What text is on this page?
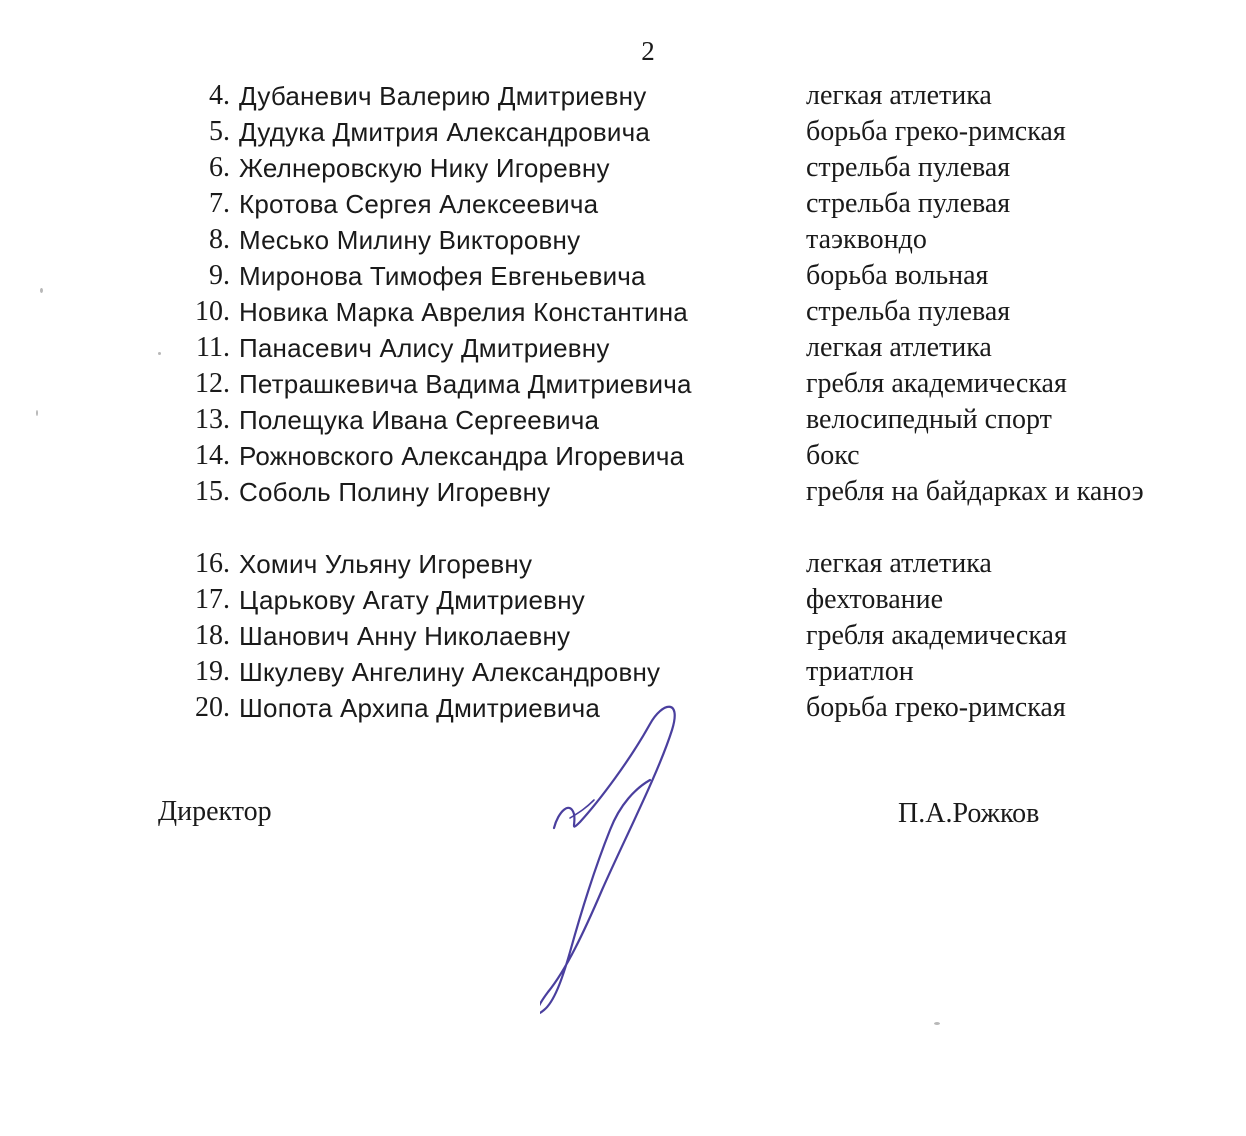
2
4. Дубаневич Валерию Дмитриевну	легкая атлетика
5. Дудука Дмитрия Александровича	борьба греко-римская
6. Желнеровскую Нику Игоревну	стрельба пулевая
7. Кротова Сергея Алексеевича	стрельба пулевая
8. Месько Милину Викторовну	таэквондо
9. Миронова Тимофея Евгеньевича	борьба вольная
10. Новика Марка Аврелия Константина	стрельба пулевая
11. Панасевич Алису Дмитриевну	легкая атлетика
12. Петрашкевича Вадима Дмитриевича	гребля академическая
13. Полещука Ивана Сергеевича	велосипедный спорт
14. Рожновского Александра Игоревича	бокс
15. Соболь Полину Игоревну	гребля на байдарках и каноэ
16. Хомич Ульяну Игоревну	легкая атлетика
17. Царькову Агату Дмитриевну	фехтование
18. Шанович Анну Николаевну	гребля академическая
19. Шкулеву Ангелину Александровну	триатлон
20. Шопота Архипа Дмитриевича	борьба греко-римская
Директор	П.А.Рожков
